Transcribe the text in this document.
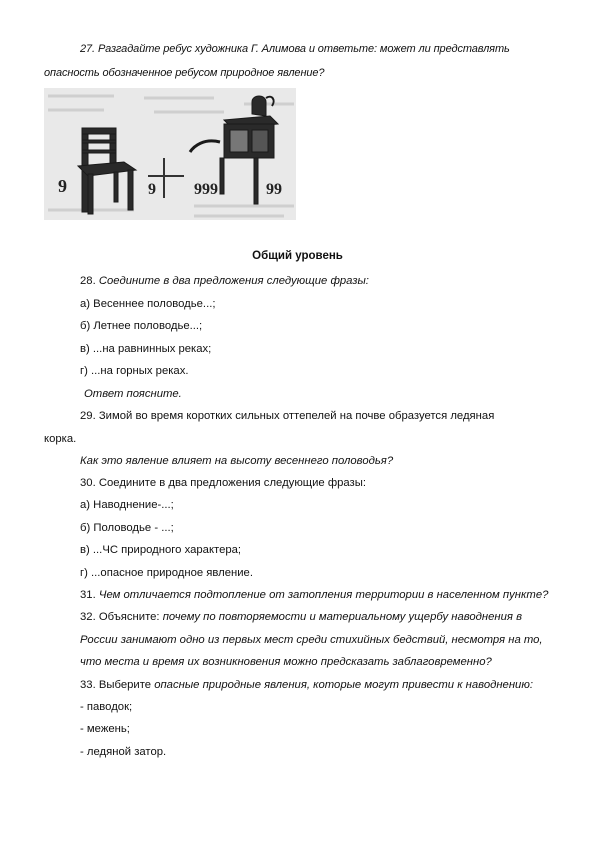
27. Разгадайте ребус художника Г. Алимова и ответьте: может ли представлять
опасность обозначенное ребусом природное явление?
9	9 999	99
Общий уровень
28. Соедините в два предложения следующие фразы:
а) Весеннее половодье...;
б) Летнее половодье...;
в) ...на равнинных реках;
г) ...на горных реках.
Ответ поясните.
29. Зимой во время коротких сильных оттепелей на почве образуется ледяная
корка.
Как это явление влияет на высоту весеннего половодья?
30. Соедините в два предложения следующие фразы:
а) Наводнение-...;
б) Половодье - ...;
в) ...ЧС природного характера;
г) ...опасное природное явление.
31. Чем отличается подтопление от затопления территории в населенном пункте?
32. Объясните: почему по повторяемости и материальному ущербу наводнения в
России занимают одно из первых мест среди стихийных бедствий, несмотря на то,
что места и время их возникновения можно предсказать заблаговременно?
33. Выберите опасные природные явления, которые могут привести к наводнению:
- паводок;
- межень;
- ледяной затор.
